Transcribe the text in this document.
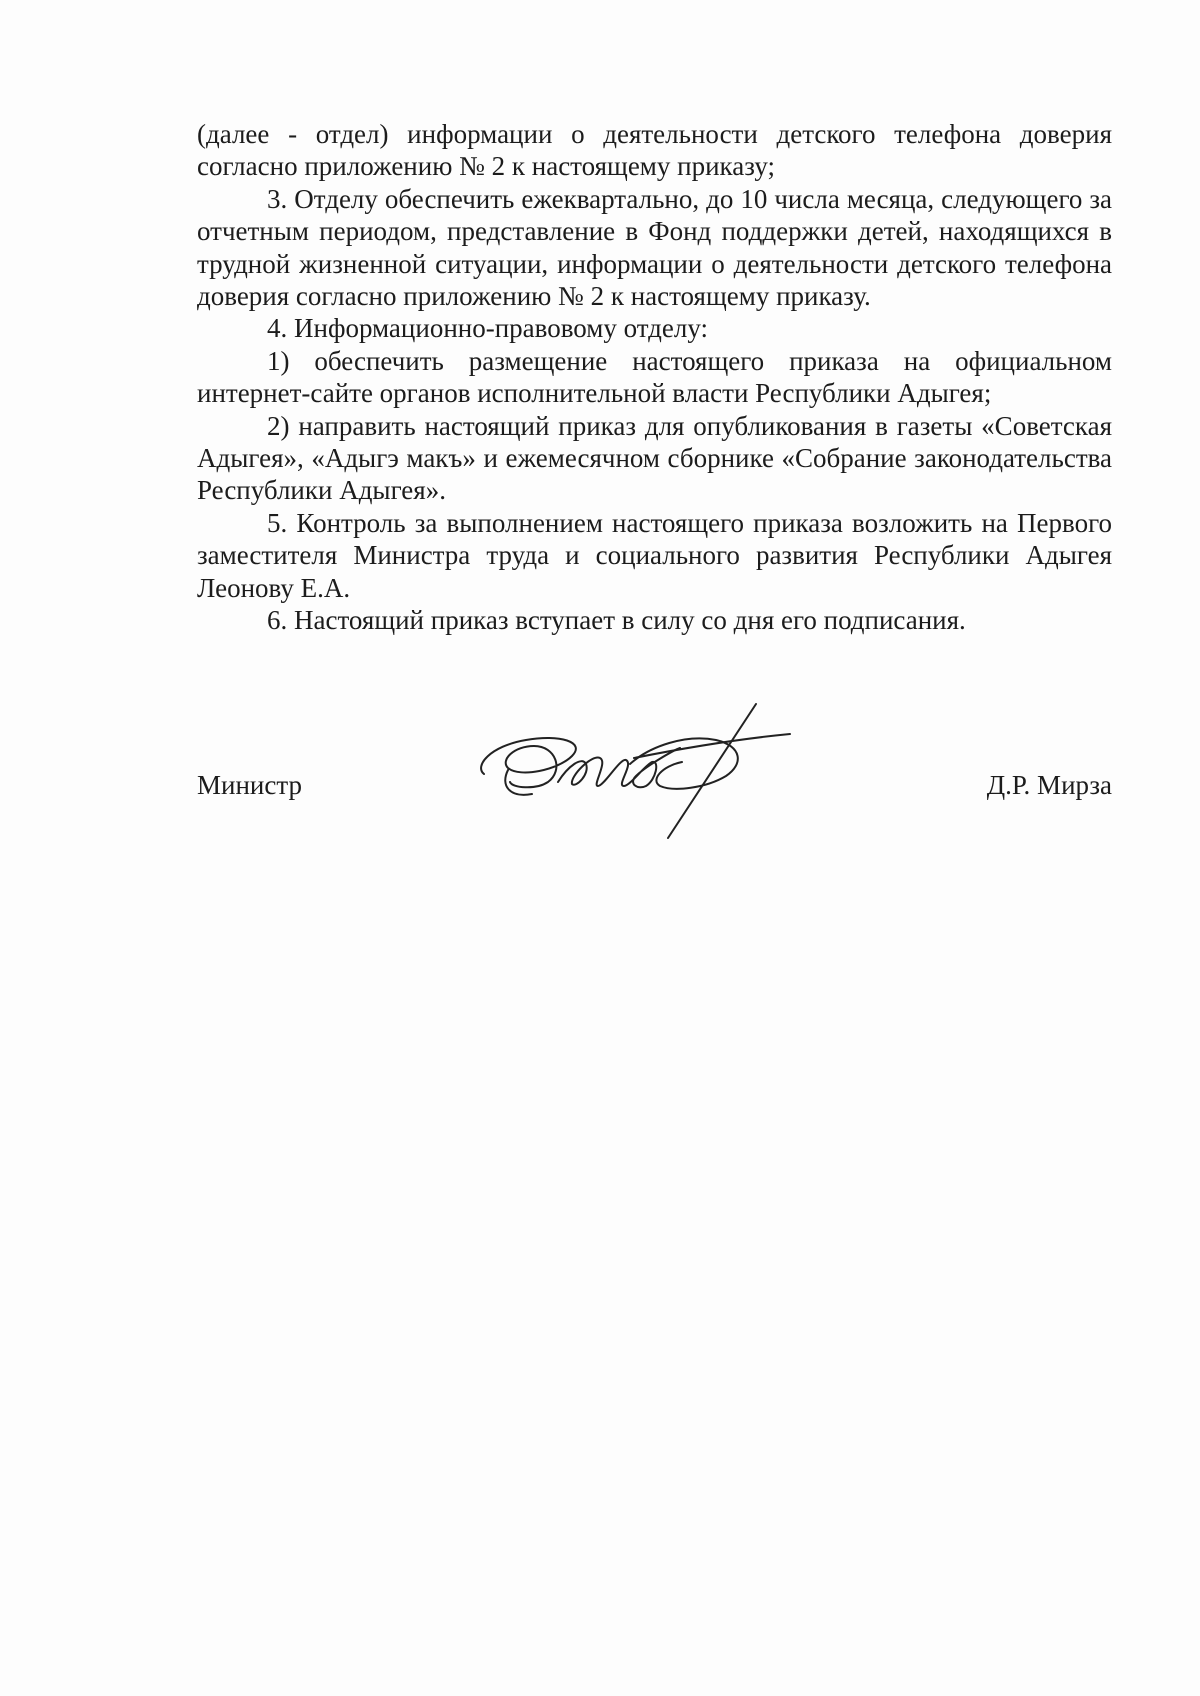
(далее - отдел) информации о деятельности детского телефона доверия согласно приложению № 2 к настоящему приказу;

3. Отделу обеспечить ежеквартально, до 10 числа месяца, следующего за отчетным периодом, представление в Фонд поддержки детей, находящихся в трудной жизненной ситуации, информации о деятельности детского телефона доверия согласно приложению № 2 к настоящему приказу.

4. Информационно-правовому отделу:

1) обеспечить размещение настоящего приказа на официальном интернет-сайте органов исполнительной власти Республики Адыгея;

2) направить настоящий приказ для опубликования в газеты «Советская Адыгея», «Адыгэ макъ» и ежемесячном сборнике «Собрание законодательства Республики Адыгея».

5. Контроль за выполнением настоящего приказа возложить на Первого заместителя Министра труда и социального развития Республики Адыгея Леонову Е.А.

6. Настоящий приказ вступает в силу со дня его подписания.

Министр	Д.Р. Мирза
